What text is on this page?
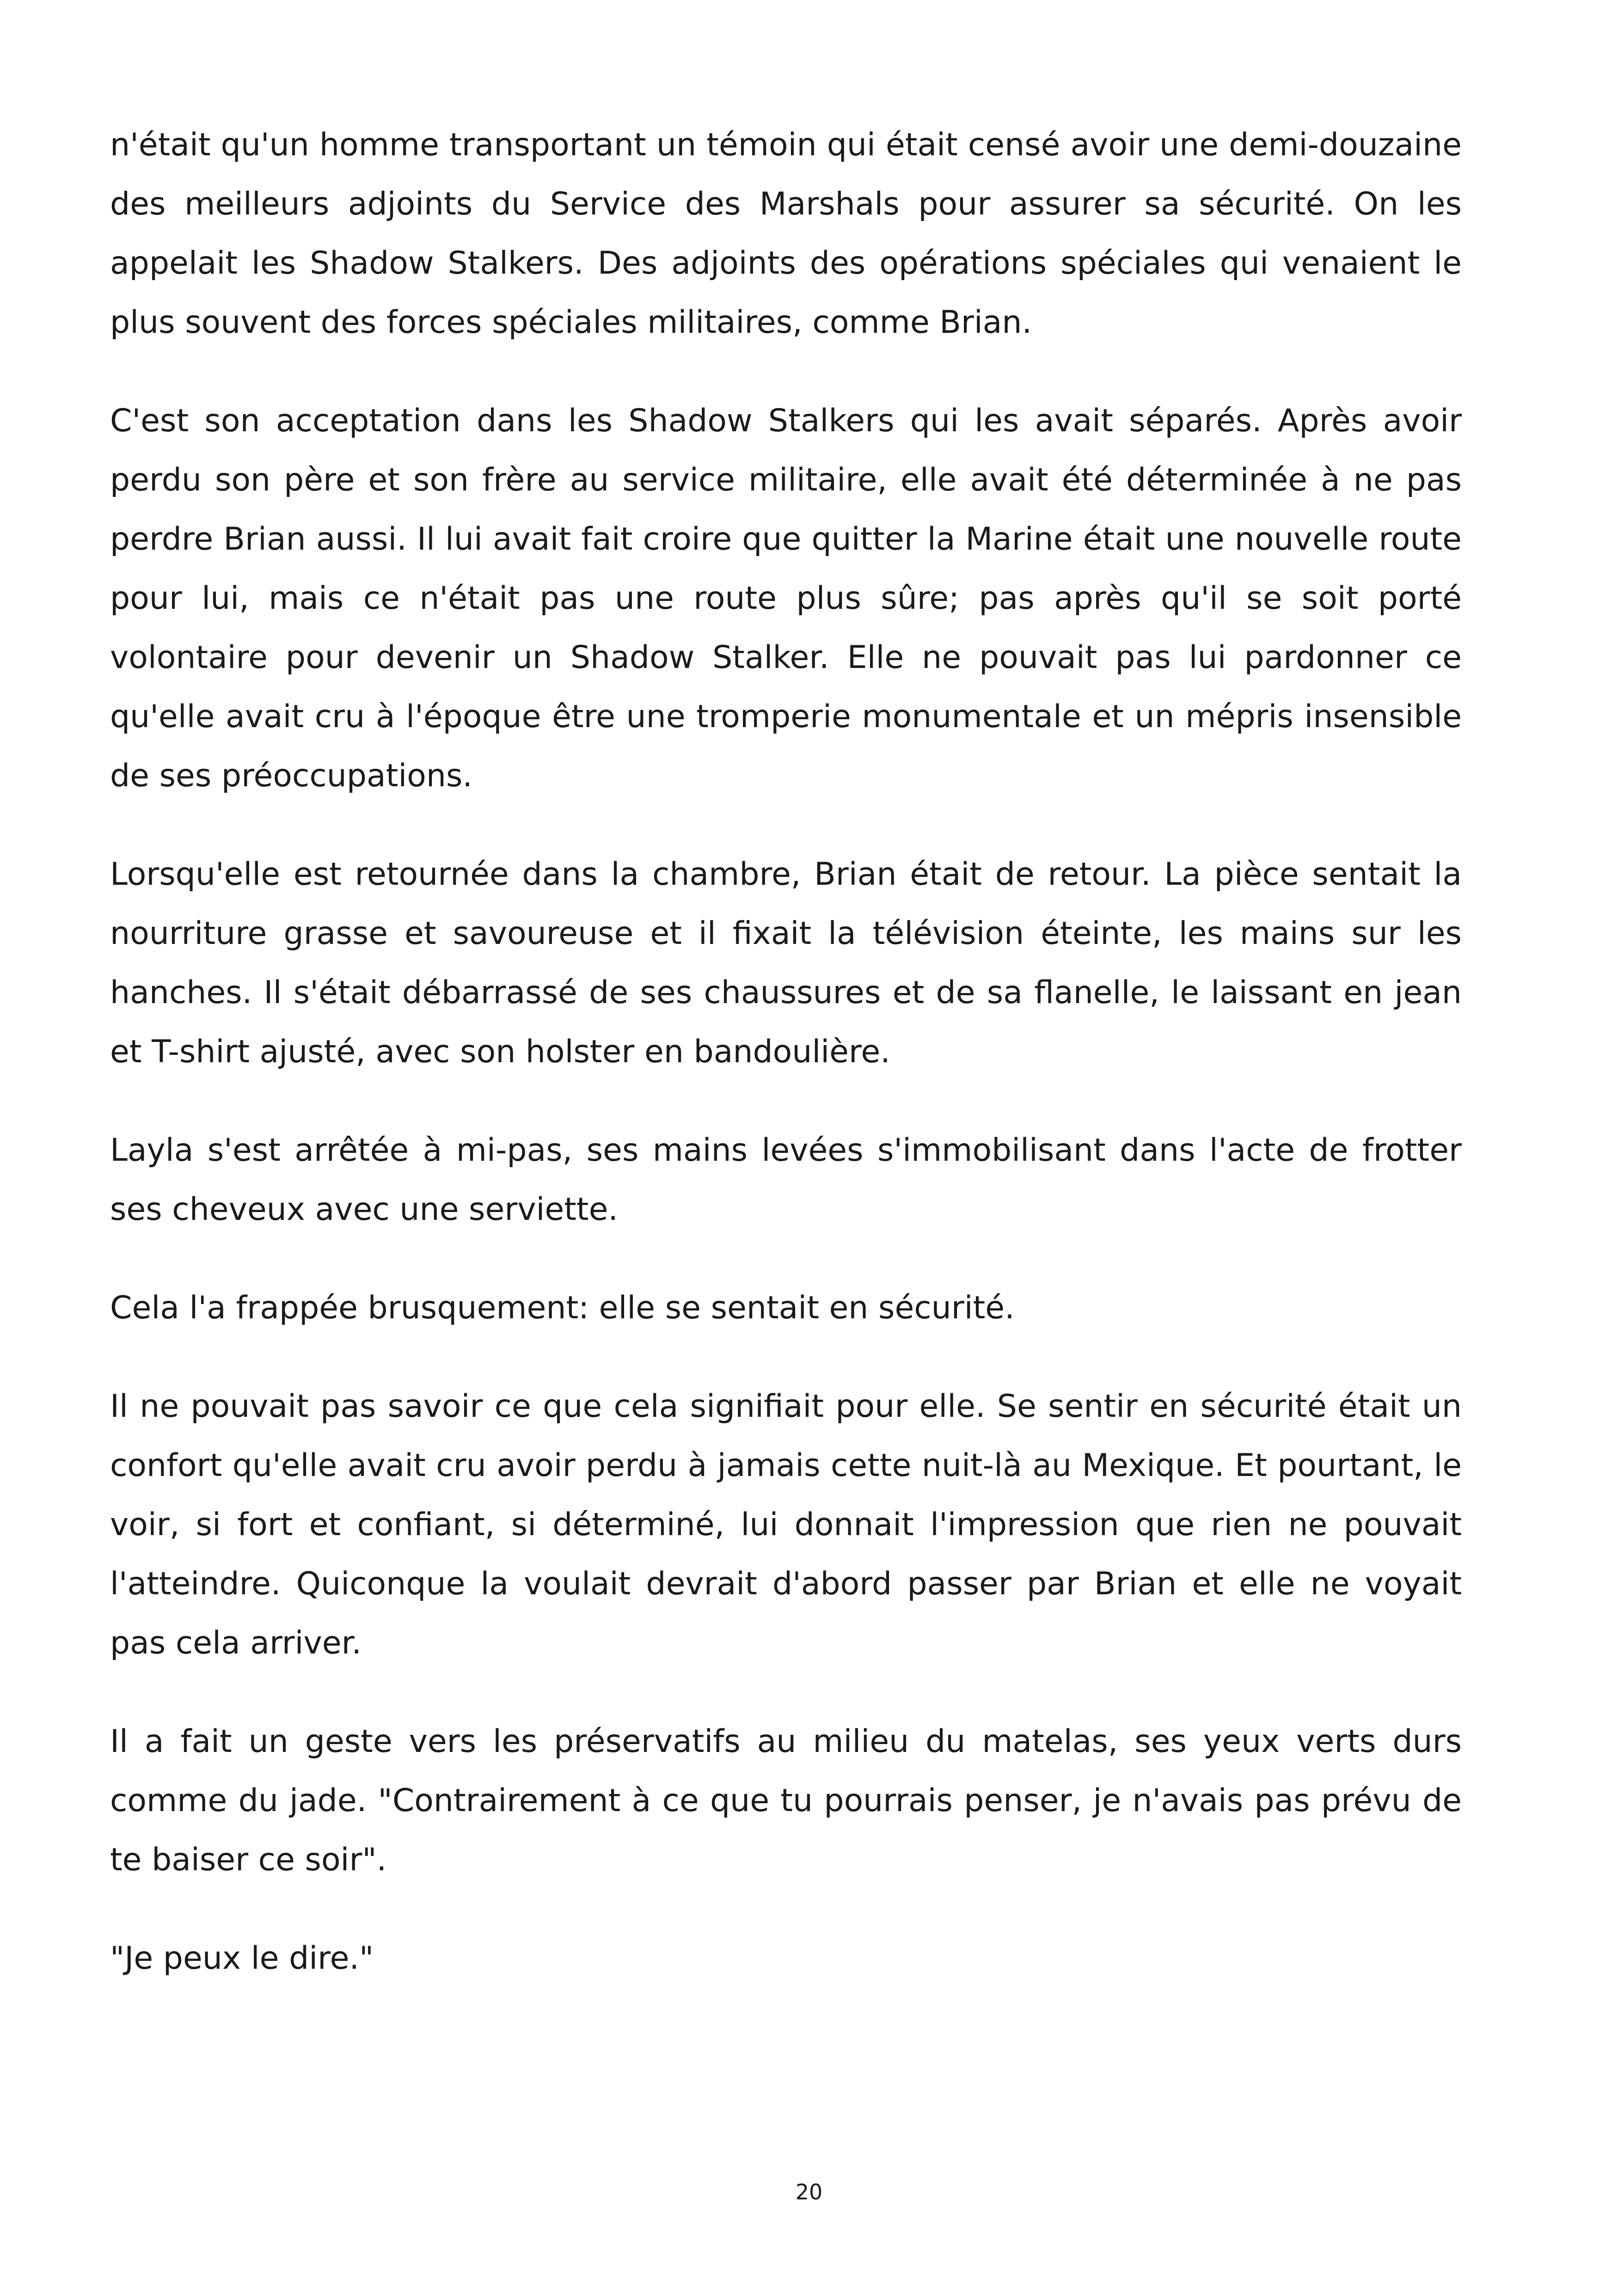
n'était qu'un homme transportant un témoin qui était censé avoir une demi-douzaine des meilleurs adjoints du Service des Marshals pour assurer sa sécurité. On les appelait les Shadow Stalkers. Des adjoints des opérations spéciales qui venaient le plus souvent des forces spéciales militaires, comme Brian.

C'est son acceptation dans les Shadow Stalkers qui les avait séparés. Après avoir perdu son père et son frère au service militaire, elle avait été déterminée à ne pas perdre Brian aussi. Il lui avait fait croire que quitter la Marine était une nouvelle route pour lui, mais ce n'était pas une route plus sûre; pas après qu'il se soit porté volontaire pour devenir un Shadow Stalker. Elle ne pouvait pas lui pardonner ce qu'elle avait cru à l'époque être une tromperie monumentale et un mépris insensible de ses préoccupations.

Lorsqu'elle est retournée dans la chambre, Brian était de retour. La pièce sentait la nourriture grasse et savoureuse et il fixait la télévision éteinte, les mains sur les hanches. Il s'était débarrassé de ses chaussures et de sa flanelle, le laissant en jean et T-shirt ajusté, avec son holster en bandoulière.

Layla s'est arrêtée à mi-pas, ses mains levées s'immobilisant dans l'acte de frotter ses cheveux avec une serviette.

Cela l'a frappée brusquement: elle se sentait en sécurité.

Il ne pouvait pas savoir ce que cela signifiait pour elle. Se sentir en sécurité était un confort qu'elle avait cru avoir perdu à jamais cette nuit-là au Mexique. Et pourtant, le voir, si fort et confiant, si déterminé, lui donnait l'impression que rien ne pouvait l'atteindre. Quiconque la voulait devrait d'abord passer par Brian et elle ne voyait pas cela arriver.

Il a fait un geste vers les préservatifs au milieu du matelas, ses yeux verts durs comme du jade. "Contrairement à ce que tu pourrais penser, je n'avais pas prévu de te baiser ce soir".

"Je peux le dire."

20
